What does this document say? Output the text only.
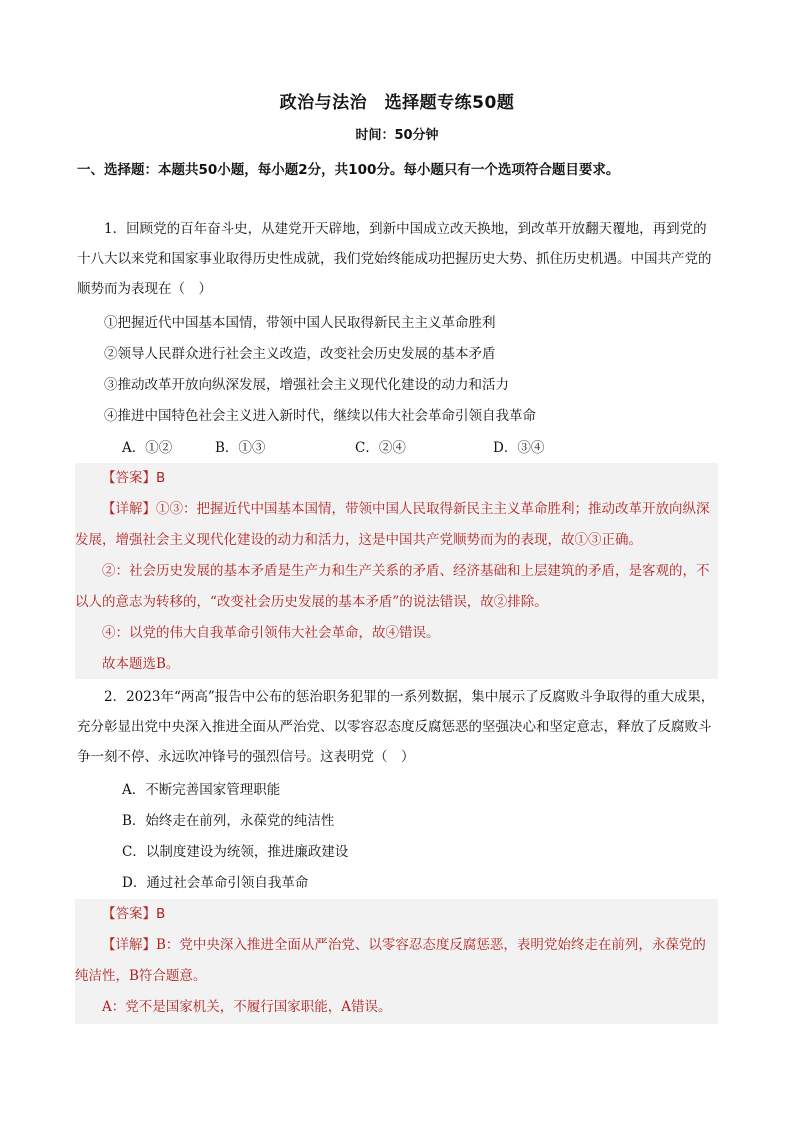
政治与法治　选择题专练50题
时间：50分钟
一、选择题：本题共50小题，每小题2分，共100分。每小题只有一个选项符合题目要求。
1．回顾党的百年奋斗史，从建党开天辟地，到新中国成立改天换地，到改革开放翻天覆地，再到党的十八大以来党和国家事业取得历史性成就，我们党始终能成功把握历史大势、抓住历史机遇。中国共产党的顺势而为表现在（　）
①把握近代中国基本国情，带领中国人民取得新民主主义革命胜利
②领导人民群众进行社会主义改造，改变社会历史发展的基本矛盾
③推动改革开放向纵深发展，增强社会主义现代化建设的动力和活力
④推进中国特色社会主义进入新时代，继续以伟大社会革命引领自我革命
A．①②	B．①③	C．②④	D．③④
【答案】B
【详解】①③：把握近代中国基本国情，带领中国人民取得新民主主义革命胜利；推动改革开放向纵深发展，增强社会主义现代化建设的动力和活力，这是中国共产党顺势而为的表现，故①③正确。
②：社会历史发展的基本矛盾是生产力和生产关系的矛盾、经济基础和上层建筑的矛盾，是客观的，不以人的意志为转移的，“改变社会历史发展的基本矛盾”的说法错误，故②排除。
④：以党的伟大自我革命引领伟大社会革命，故④错误。
故本题选B。
2．2023年“两高”报告中公布的惩治职务犯罪的一系列数据，集中展示了反腐败斗争取得的重大成果，充分彰显出党中央深入推进全面从严治党、以零容忍态度反腐惩恶的坚强决心和坚定意志，释放了反腐败斗争一刻不停、永远吹冲锋号的强烈信号。这表明党（　）
A．不断完善国家管理职能
B．始终走在前列，永葆党的纯洁性
C．以制度建设为统领，推进廉政建设
D．通过社会革命引领自我革命
【答案】B
【详解】B：党中央深入推进全面从严治党、以零容忍态度反腐惩恶，表明党始终走在前列，永葆党的纯洁性，B符合题意。
A：党不是国家机关，不履行国家职能，A错误。
